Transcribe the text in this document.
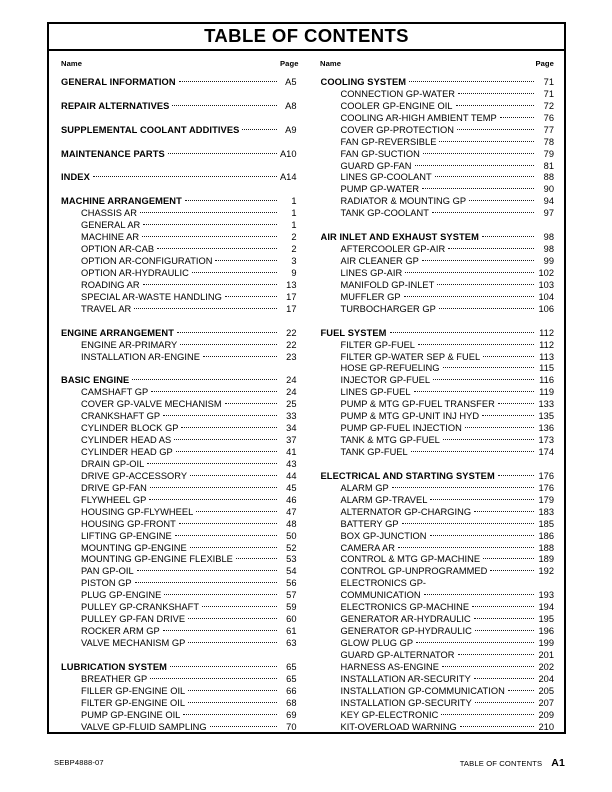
TABLE OF CONTENTS
Name	Page	Name	Page
GENERAL INFORMATION	A5
REPAIR ALTERNATIVES	A8
SUPPLEMENTAL COOLANT ADDITIVES	A9
MAINTENANCE PARTS	A10
INDEX	A14
MACHINE ARRANGEMENT	1
CHASSIS AR	1
GENERAL AR	1
MACHINE AR	2
OPTION AR-CAB	2
OPTION AR-CONFIGURATION	3
OPTION AR-HYDRAULIC	9
ROADING AR	13
SPECIAL AR-WASTE HANDLING	17
TRAVEL AR	17
ENGINE ARRANGEMENT	22
ENGINE AR-PRIMARY	22
INSTALLATION AR-ENGINE	23
BASIC ENGINE	24
CAMSHAFT GP	24
COVER GP-VALVE MECHANISM	25
CRANKSHAFT GP	33
CYLINDER BLOCK GP	34
CYLINDER HEAD AS	37
CYLINDER HEAD GP	41
DRAIN GP-OIL	43
DRIVE GP-ACCESSORY	44
DRIVE GP-FAN	45
FLYWHEEL GP	46
HOUSING GP-FLYWHEEL	47
HOUSING GP-FRONT	48
LIFTING GP-ENGINE	50
MOUNTING GP-ENGINE	52
MOUNTING GP-ENGINE FLEXIBLE	53
PAN GP-OIL	54
PISTON GP	56
PLUG GP-ENGINE	57
PULLEY GP-CRANKSHAFT	59
PULLEY GP-FAN DRIVE	60
ROCKER ARM GP	61
VALVE MECHANISM GP	63
LUBRICATION SYSTEM	65
BREATHER GP	65
FILLER GP-ENGINE OIL	66
FILTER GP-ENGINE OIL	68
PUMP GP-ENGINE OIL	69
VALVE GP-FLUID SAMPLING	70
COOLING SYSTEM	71
CONNECTION GP-WATER	71
COOLER GP-ENGINE OIL	72
COOLING AR-HIGH AMBIENT TEMP	76
COVER GP-PROTECTION	77
FAN GP-REVERSIBLE	78
FAN GP-SUCTION	79
GUARD GP-FAN	81
LINES GP-COOLANT	88
PUMP GP-WATER	90
RADIATOR & MOUNTING GP	94
TANK GP-COOLANT	97
AIR INLET AND EXHAUST SYSTEM	98
AFTERCOOLER GP-AIR	98
AIR CLEANER GP	99
LINES GP-AIR	102
MANIFOLD GP-INLET	103
MUFFLER GP	104
TURBOCHARGER GP	106
FUEL SYSTEM	112
FILTER GP-FUEL	112
FILTER GP-WATER SEP & FUEL	113
HOSE GP-REFUELING	115
INJECTOR GP-FUEL	116
LINES GP-FUEL	119
PUMP & MTG GP-FUEL TRANSFER	133
PUMP & MTG GP-UNIT INJ HYD	135
PUMP GP-FUEL INJECTION	136
TANK & MTG GP-FUEL	173
TANK GP-FUEL	174
ELECTRICAL AND STARTING SYSTEM	176
ALARM GP	176
ALARM GP-TRAVEL	179
ALTERNATOR GP-CHARGING	183
BATTERY GP	185
BOX GP-JUNCTION	186
CAMERA AR	188
CONTROL & MTG GP-MACHINE	189
CONTROL GP-UNPROGRAMMED	192
ELECTRONICS GP-
COMMUNICATION	193
ELECTRONICS GP-MACHINE	194
GENERATOR AR-HYDRAULIC	195
GENERATOR GP-HYDRAULIC	196
GLOW PLUG GP	199
GUARD GP-ALTERNATOR	201
HARNESS AS-ENGINE	202
INSTALLATION AR-SECURITY	204
INSTALLATION GP-COMMUNICATION	205
INSTALLATION GP-SECURITY	207
KEY GP-ELECTRONIC	209
KIT-OVERLOAD WARNING	210
SEBP4888-07	TABLE OF CONTENTS A1
